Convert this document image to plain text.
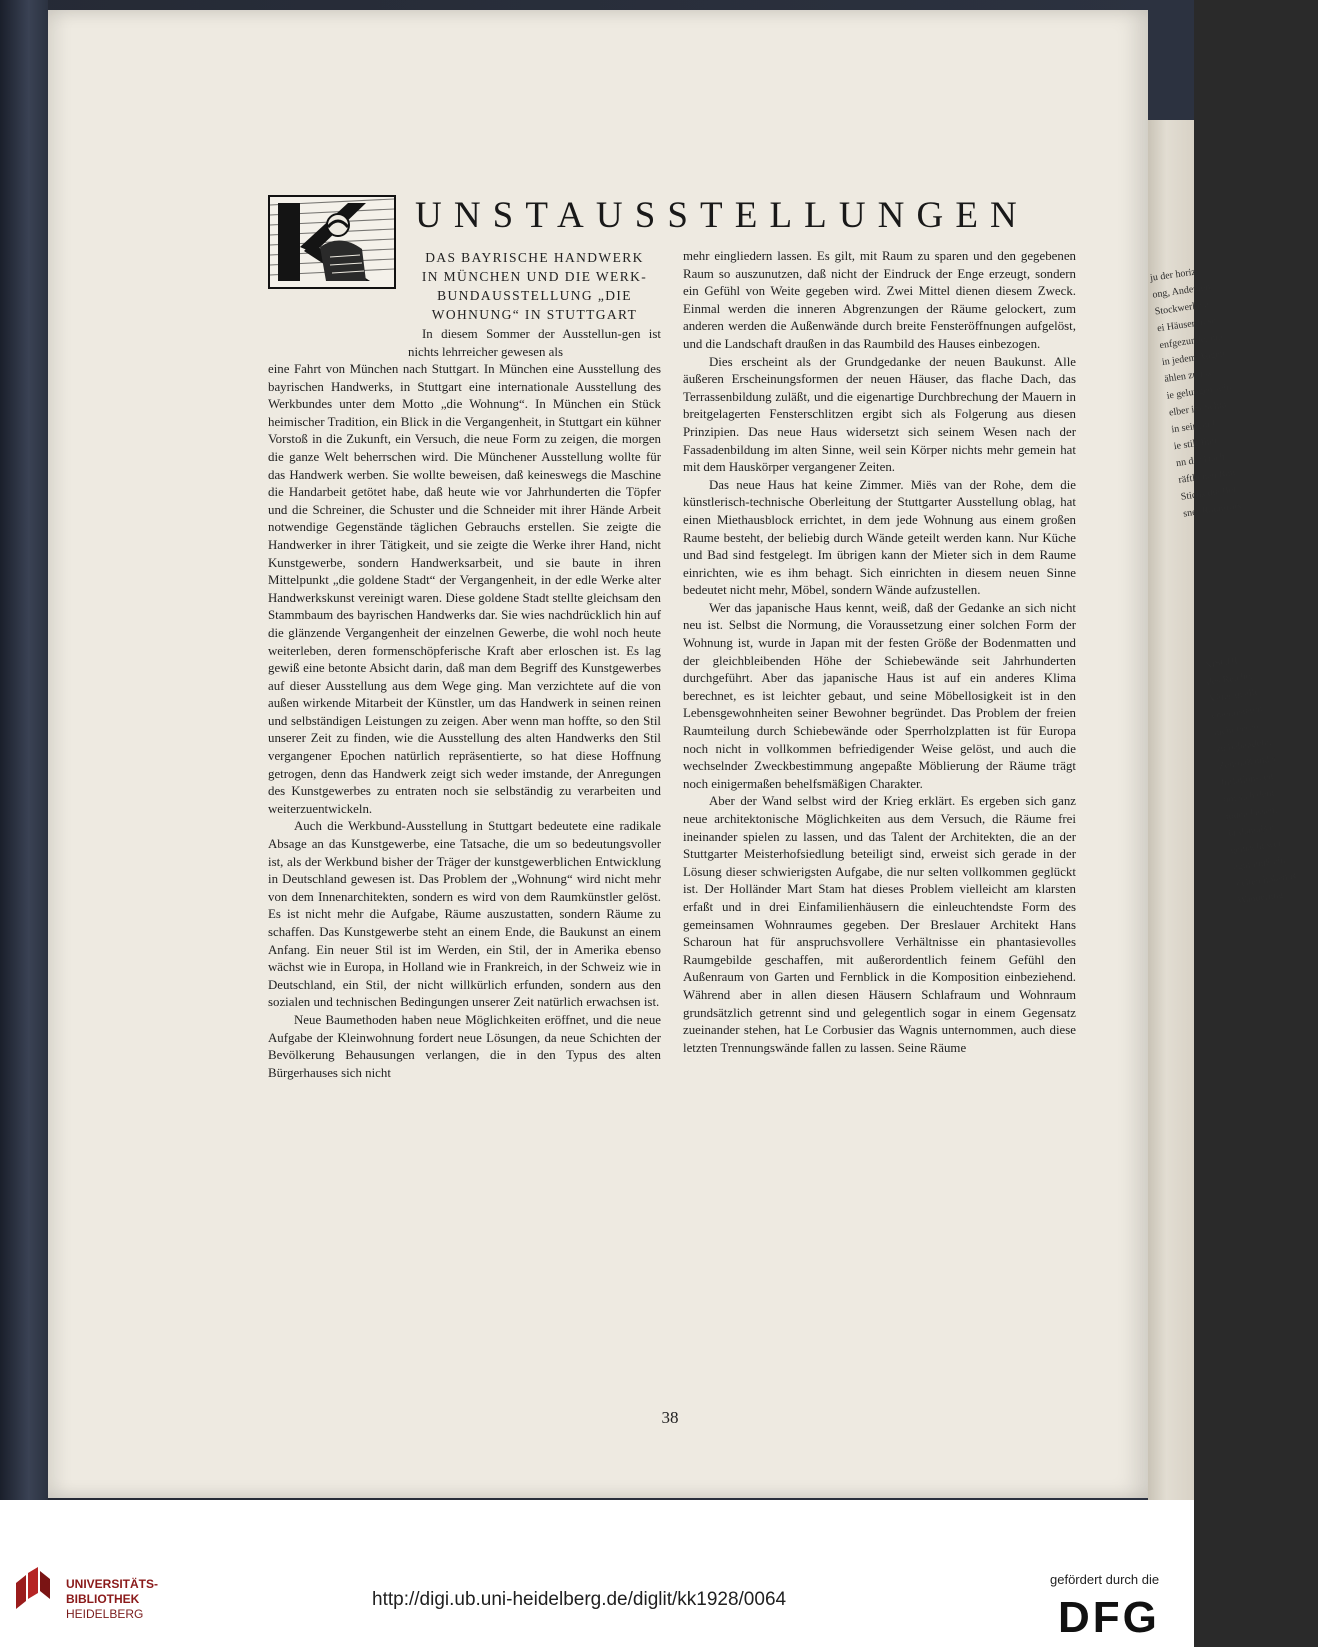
ju der horiz
ong, Andeuten
Stockwerke e
ei Häuser in se
enfgezunde, um
in jedem Augen
ählen zu las
ie gelungen sein
elber im Schla
in seinem F
ie still Ihm
nn der Dach
räftlichen Rau
Stichs die Bel
sner Raumfors

NISCHE
des Reiche,
Väfer in alle
ementisieren
nicht bereit
zu behandeln,
Zeitmaß und s
Inflationszeit
um sich deut
mden lassen,
ür damals e
gemacht wer
ugut muß ein
Zeiten hoben R
Wanderung
UNSTAUSSTELLUNGEN
DAS BAYRISCHE HANDWERK
IN MÜNCHEN UND DIE WERK-
BUNDAUSSTELLUNG „DIE
WOHNUNG“ IN STUTTGART

In diesem Sommer der Ausstellun-gen ist nichts lehrreicher gewesen als

eine Fahrt von München nach Stuttgart. In München eine Ausstellung des bayrischen Handwerks, in Stuttgart eine internationale Ausstellung des Werkbundes unter dem Motto „die Wohnung“. In München ein Stück heimischer Tradition, ein Blick in die Vergangenheit, in Stuttgart ein kühner Vorstoß in die Zukunft, ein Versuch, die neue Form zu zeigen, die morgen die ganze Welt beherrschen wird. Die Münchener Ausstellung wollte für das Handwerk werben. Sie wollte beweisen, daß keineswegs die Maschine die Handarbeit getötet habe, daß heute wie vor Jahrhunderten die Töpfer und die Schreiner, die Schuster und die Schneider mit ihrer Hände Arbeit notwendige Gegenstände täglichen Gebrauchs erstellen. Sie zeigte die Handwerker in ihrer Tätigkeit, und sie zeigte die Werke ihrer Hand, nicht Kunstgewerbe, sondern Handwerksarbeit, und sie baute in ihren Mittelpunkt „die goldene Stadt“ der Vergangenheit, in der edle Werke alter Handwerkskunst vereinigt waren. Diese goldene Stadt stellte gleichsam den Stammbaum des bayrischen Handwerks dar. Sie wies nachdrücklich hin auf die glänzende Vergangenheit der einzelnen Gewerbe, die wohl noch heute weiterleben, deren formenschöpferische Kraft aber erloschen ist. Es lag gewiß eine betonte Absicht darin, daß man dem Begriff des Kunstgewerbes auf dieser Ausstellung aus dem Wege ging. Man verzichtete auf die von außen wirkende Mitarbeit der Künstler, um das Handwerk in seinen reinen und selbständigen Leistungen zu zeigen. Aber wenn man hoffte, so den Stil unserer Zeit zu finden, wie die Ausstellung des alten Handwerks den Stil vergangener Epochen natürlich repräsentierte, so hat diese Hoffnung getrogen, denn das Handwerk zeigt sich weder imstande, der Anregungen des Kunstgewerbes zu entraten noch sie selbständig zu verarbeiten und weiterzuentwickeln.

Auch die Werkbund-Ausstellung in Stuttgart bedeutete eine radikale Absage an das Kunstgewerbe, eine Tatsache, die um so bedeutungsvoller ist, als der Werkbund bisher der Träger der kunstgewerblichen Entwicklung in Deutschland gewesen ist. Das Problem der „Wohnung“ wird nicht mehr von dem Innenarchitekten, sondern es wird von dem Raumkünstler gelöst. Es ist nicht mehr die Aufgabe, Räume auszustatten, sondern Räume zu schaffen. Das Kunstgewerbe steht an einem Ende, die Baukunst an einem Anfang. Ein neuer Stil ist im Werden, ein Stil, der in Amerika ebenso wächst wie in Europa, in Holland wie in Frankreich, in der Schweiz wie in Deutschland, ein Stil, der nicht willkürlich erfunden, sondern aus den sozialen und technischen Bedingungen unserer Zeit natürlich erwachsen ist.

Neue Baumethoden haben neue Möglichkeiten eröffnet, und die neue Aufgabe der Kleinwohnung fordert neue Lösungen, da neue Schichten der Bevölkerung Behausungen verlangen, die in den Typus des alten Bürgerhauses sich nicht

mehr eingliedern lassen. Es gilt, mit Raum zu sparen und den gegebenen Raum so auszunutzen, daß nicht der Eindruck der Enge erzeugt, sondern ein Gefühl von Weite gegeben wird. Zwei Mittel dienen diesem Zweck. Einmal werden die inneren Abgrenzungen der Räume gelockert, zum anderen werden die Außenwände durch breite Fensteröffnungen aufgelöst, und die Landschaft draußen in das Raumbild des Hauses einbezogen.

Dies erscheint als der Grundgedanke der neuen Baukunst. Alle äußeren Erscheinungsformen der neuen Häuser, das flache Dach, das Terrassenbildung zuläßt, und die eigenartige Durchbrechung der Mauern in breitgelagerten Fensterschlitzen ergibt sich als Folgerung aus diesen Prinzipien. Das neue Haus widersetzt sich seinem Wesen nach der Fassadenbildung im alten Sinne, weil sein Körper nichts mehr gemein hat mit dem Hauskörper vergangener Zeiten.

Das neue Haus hat keine Zimmer. Miës van der Rohe, dem die künstlerisch-technische Oberleitung der Stuttgarter Ausstellung oblag, hat einen Miethausblock errichtet, in dem jede Wohnung aus einem großen Raume besteht, der beliebig durch Wände geteilt werden kann. Nur Küche und Bad sind festgelegt. Im übrigen kann der Mieter sich in dem Raume einrichten, wie es ihm behagt. Sich einrichten in diesem neuen Sinne bedeutet nicht mehr, Möbel, sondern Wände aufzustellen.

Wer das japanische Haus kennt, weiß, daß der Gedanke an sich nicht neu ist. Selbst die Normung, die Voraussetzung einer solchen Form der Wohnung ist, wurde in Japan mit der festen Größe der Bodenmatten und der gleichbleibenden Höhe der Schiebewände seit Jahrhunderten durchgeführt. Aber das japanische Haus ist auf ein anderes Klima berechnet, es ist leichter gebaut, und seine Möbellosigkeit ist in den Lebensgewohnheiten seiner Bewohner begründet. Das Problem der freien Raumteilung durch Schiebewände oder Sperrholzplatten ist für Europa noch nicht in vollkommen befriedigender Weise gelöst, und auch die wechselnder Zweckbestimmung angepaßte Möblierung der Räume trägt noch einigermaßen behelfsmäßigen Charakter.

Aber der Wand selbst wird der Krieg erklärt. Es ergeben sich ganz neue architektonische Möglichkeiten aus dem Versuch, die Räume frei ineinander spielen zu lassen, und das Talent der Architekten, die an der Stuttgarter Meisterhofsiedlung beteiligt sind, erweist sich gerade in der Lösung dieser schwierigsten Aufgabe, die nur selten vollkommen geglückt ist. Der Holländer Mart Stam hat dieses Problem vielleicht am klarsten erfaßt und in drei Einfamilienhäusern die einleuchtendste Form des gemeinsamen Wohnraumes gegeben. Der Breslauer Architekt Hans Scharoun hat für anspruchsvollere Verhältnisse ein phantasievolles Raumgebilde geschaffen, mit außerordentlich feinem Gefühl den Außenraum von Garten und Fernblick in die Komposition einbeziehend. Während aber in allen diesen Häusern Schlafraum und Wohnraum grundsätzlich getrennt sind und gelegentlich sogar in einem Gegensatz zueinander stehen, hat Le Corbusier das Wagnis unternommen, auch diese letzten Trennungswände fallen zu lassen. Seine Räume

38
UNIVERSITÄTS-
BIBLIOTHEK
HEIDELBERG
http://digi.ub.uni-heidelberg.de/diglit/kk1928/0064
gefördert durch die
DFG
